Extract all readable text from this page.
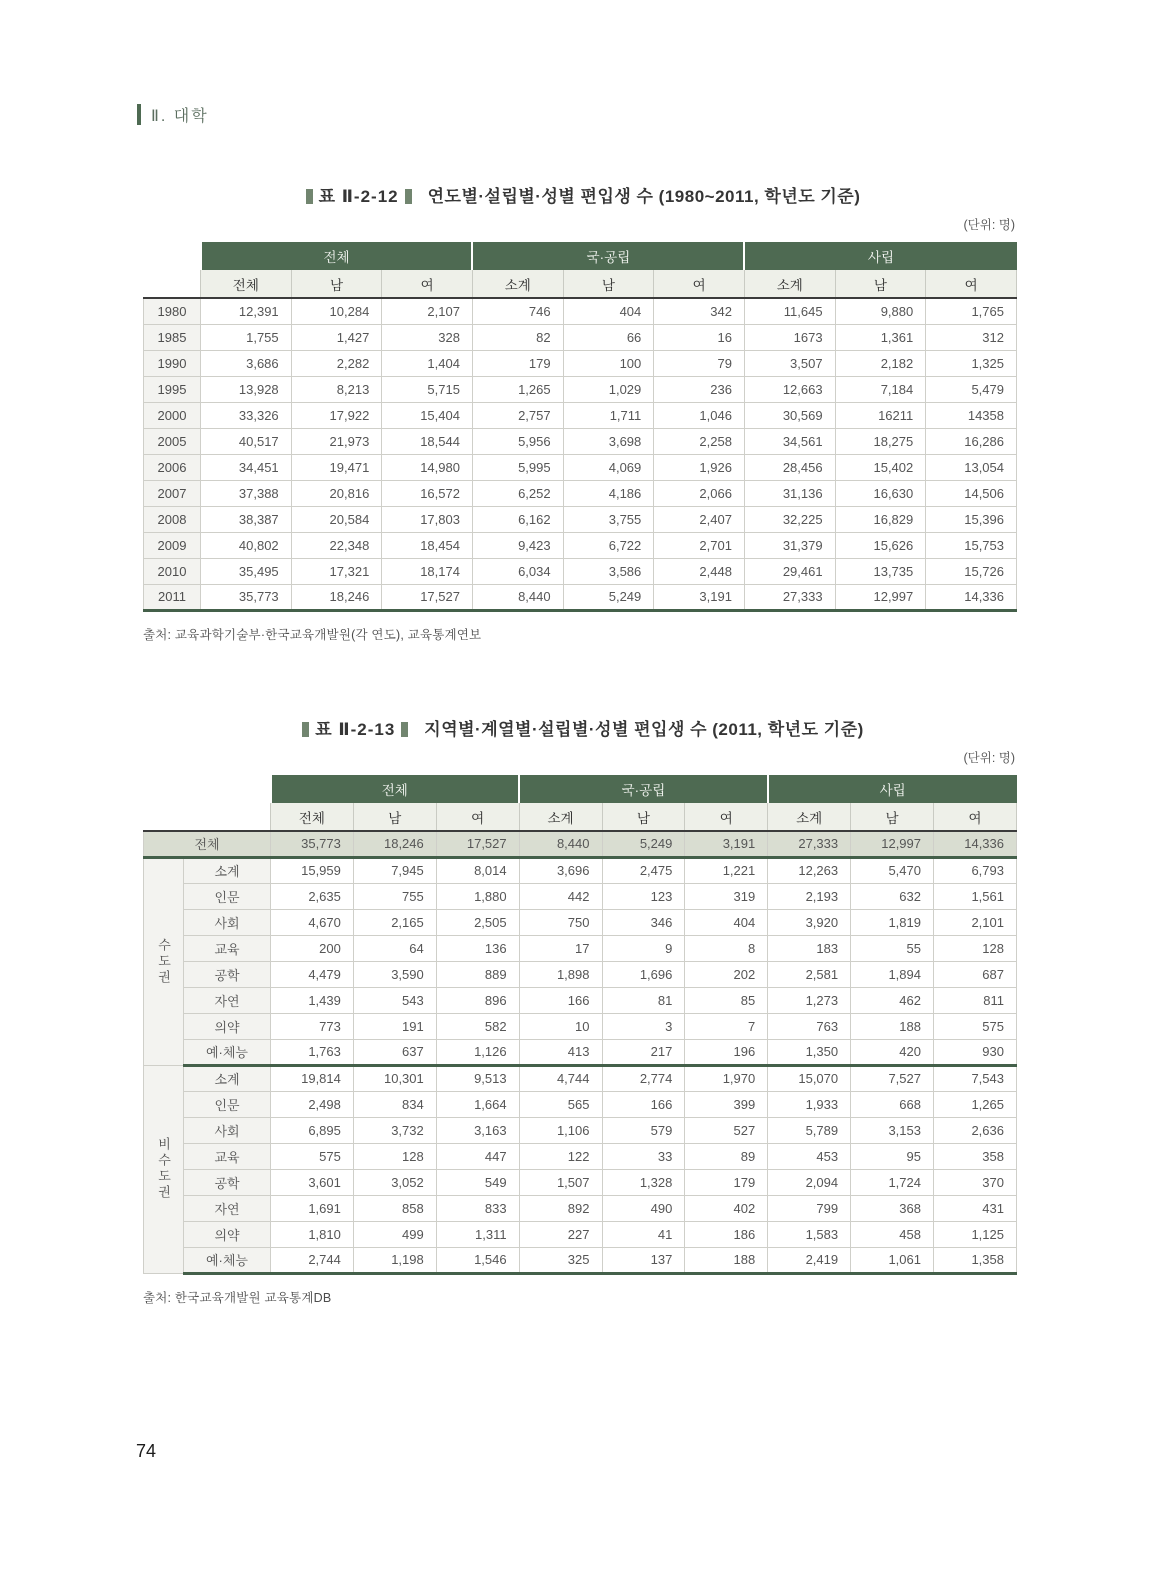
Ⅱ. 대학
표 Ⅱ-2-12 연도별·설립별·성별 편입생 수 (1980~2011, 학년도 기준)
(단위: 명)
	전체			국·공립			사립		
	전체	남	여	소계	남	여	소계	남	여
1980	12,391	10,284	2,107	746	404	342	11,645	9,880	1,765
1985	1,755	1,427	328	82	66	16	1673	1,361	312
1990	3,686	2,282	1,404	179	100	79	3,507	2,182	1,325
1995	13,928	8,213	5,715	1,265	1,029	236	12,663	7,184	5,479
2000	33,326	17,922	15,404	2,757	1,711	1,046	30,569	16211	14358
2005	40,517	21,973	18,544	5,956	3,698	2,258	34,561	18,275	16,286
2006	34,451	19,471	14,980	5,995	4,069	1,926	28,456	15,402	13,054
2007	37,388	20,816	16,572	6,252	4,186	2,066	31,136	16,630	14,506
2008	38,387	20,584	17,803	6,162	3,755	2,407	32,225	16,829	15,396
2009	40,802	22,348	18,454	9,423	6,722	2,701	31,379	15,626	15,753
2010	35,495	17,321	18,174	6,034	3,586	2,448	29,461	13,735	15,726
2011	35,773	18,246	17,527	8,440	5,249	3,191	27,333	12,997	14,336
출처: 교육과학기술부·한국교육개발원(각 연도), 교육통계연보
표 Ⅱ-2-13 지역별·계열별·설립별·성별 편입생 수 (2011, 학년도 기준)
(단위: 명)
		전체			국·공립			사립		
		전체	남	여	소계	남	여	소계	남	여
전체		35,773	18,246	17,527	8,440	5,249	3,191	27,333	12,997	14,336
수도권	소계	15,959	7,945	8,014	3,696	2,475	1,221	12,263	5,470	6,793
	인문	2,635	755	1,880	442	123	319	2,193	632	1,561
	사회	4,670	2,165	2,505	750	346	404	3,920	1,819	2,101
	교육	200	64	136	17	9	8	183	55	128
	공학	4,479	3,590	889	1,898	1,696	202	2,581	1,894	687
	자연	1,439	543	896	166	81	85	1,273	462	811
	의약	773	191	582	10	3	7	763	188	575
	예·체능	1,763	637	1,126	413	217	196	1,350	420	930
비수도권	소계	19,814	10,301	9,513	4,744	2,774	1,970	15,070	7,527	7,543
	인문	2,498	834	1,664	565	166	399	1,933	668	1,265
	사회	6,895	3,732	3,163	1,106	579	527	5,789	3,153	2,636
	교육	575	128	447	122	33	89	453	95	358
	공학	3,601	3,052	549	1,507	1,328	179	2,094	1,724	370
	자연	1,691	858	833	892	490	402	799	368	431
	의약	1,810	499	1,311	227	41	186	1,583	458	1,125
	예·체능	2,744	1,198	1,546	325	137	188	2,419	1,061	1,358
출처: 한국교육개발원 교육통계DB
74
